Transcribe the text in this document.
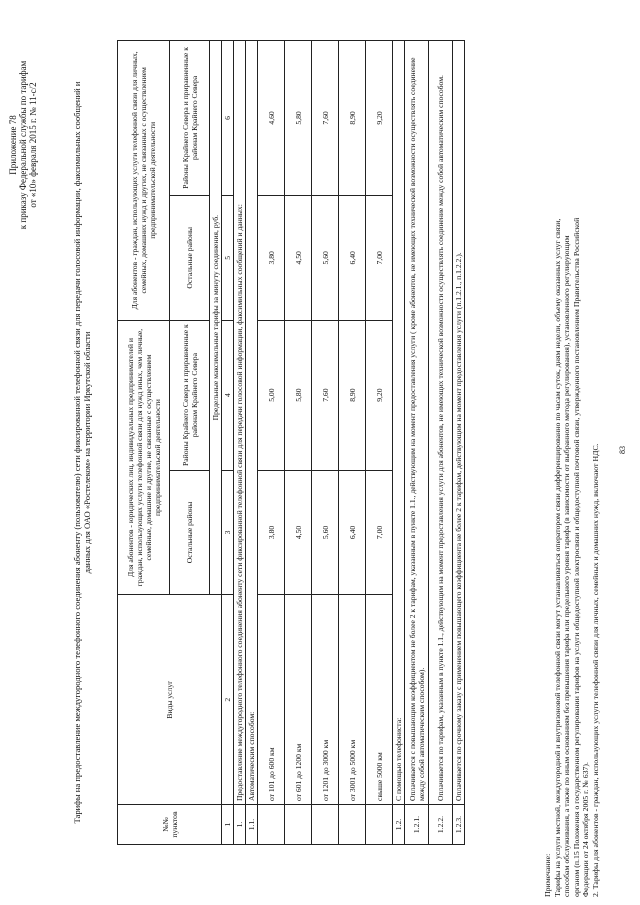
Приложение 78 к приказу Федеральной службы по тарифам от «10» февраля 2015 г. № 11-с/2	Тарифы на предоставление междугородного телефонного соединения абоненту (пользователю) сети фиксированной телефонной связи для передачи голосовой информации, факсимильных сообщений и данных для ОАО «Ростелеком» на территории Иркутской области
№№ пунктов	Виды услуг	Для абонентов - юридических лиц, индивидуальных предпринимателей и граждан, использующих услуги телефонной связи для нужд иных, чем личные, семейные, домашние и другие, не связанные с осуществлением предпринимательской деятельности		Для абонентов - граждан, использующих услуги телефонной связи для личных, семейных, домашних нужд и других, не связанных с осуществлением предпринимательской деятельности	
		Остальные районы	Районы Крайнего Севера и приравненные к районам Крайнего Севера	Остальные районы	Районы Крайнего Севера и приравненные к районам Крайнего Севера
		Предельные максимальные тарифы за минуту соединения, руб.			
1	2	3	4	5	6
1.	Предоставление междугородного телефонного соединения абоненту сети фиксированной телефонной связи для передачи голосовой информации, факсимильных сообщений и данных:				
1.1.	Автоматическим способом:				
	от 101 до 600 км	3,80	5,00	3,80	4,60
	от 601 до 1200 км	4,50	5,80	4,50	5,80
	от 1201 до 3000 км	5,60	7,60	5,60	7,60
	от 3001 до 5000 км	6,40	8,90	6,40	8,90
	свыше 5000 км	7,00	9,20	7,00	9,20
1.2.	С помощью телефониста:				
1.2.1.	Оплачивается с повышающим коэффициентом не более 2 к тарифам, указанным в пункте 1.1., действующим на момент предоставления услуги ( кроме абонентов, не имеющих технической возможности осуществлять соединение между собой автоматическим способом).				
1.2.2.	Оплачивается по тарифам, указанным в пункте 1.1., действующим на момент предоставления услуги для абонентов, не имеющих технической возможности осуществлять соединение между собой автоматическим способом.				
1.2.3.	Оплачивается по срочному заказу с применением повышающего коэффициента не более 2 к тарифам, действующим на момент предоставления услуги (п.1.2.1., п.1.2.2.).				
Примечание: Тарифы на услуги местной, междугородной и внутризоновой телефонной связи могут устанавливаться оператором связи дифференцированно по часам суток, дням недели, объему оказанных услуг связи, способам обслуживания, а также по иным основаниям без превышения тарифа или предельного уровня тарифа (в зависимости от выбранного метода регулирования), установленного регулирующим органом (п.15 Положения о государственном регулировании тарифов на услуги общедоступной электросвязи и общедоступной почтовой связи, утвержденного постановлением Правительства Российской Федерации от 24 октября 2005 г. № 637). 2. Тарифы для абонентов - граждан, использующих услуги телефонной связи для личных, семейных и домашних нужд, включают НДС. 83
